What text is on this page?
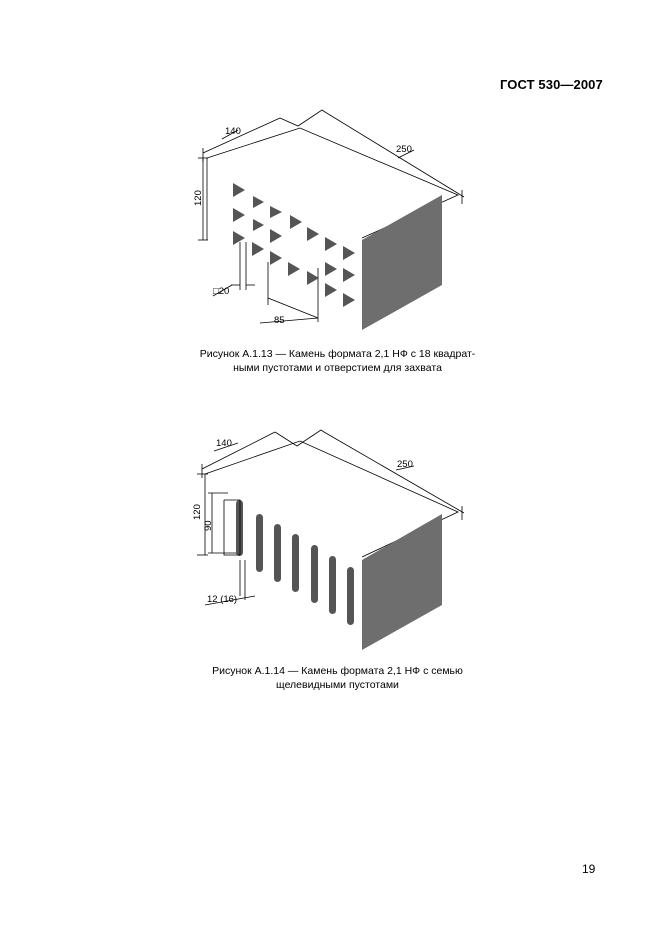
ГОСТ 530—2007
140
250
120
□20
85
Рисунок А.1.13 — Камень формата 2,1 НФ с 18 квадрат-
ными пустотами и отверстием для захвата
140
250
120
90
12 (16)
Рисунок А.1.14 — Камень формата 2,1 НФ с семью
щелевидными пустотами
19
